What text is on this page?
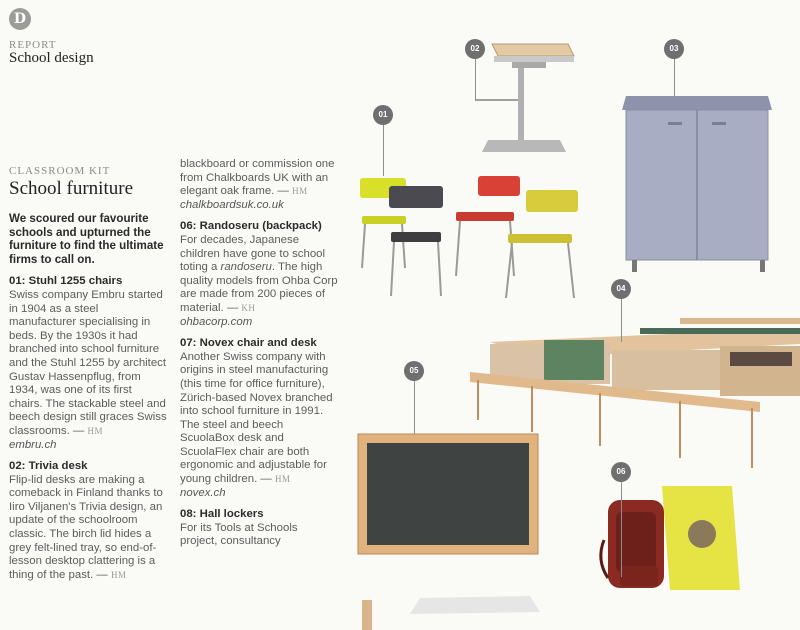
D
REPORT
School design
CLASSROOM KIT
School furniture

We scoured our favourite schools and upturned the furniture to find the ultimate firms to call on.

01: Stuhl 1255 chairs
Swiss company Embru started in 1904 as a steel manufacturer specialising in beds. By the 1930s it had branched into school furniture and the Stuhl 1255 by architect Gustav Hassenpflug, from 1934, was one of its first chairs. The stackable steel and beech design still graces Swiss classrooms. — HM
embru.ch

02: Trivia desk
Flip-lid desks are making a comeback in Finland thanks to Iiro Viljanen's Trivia design, an update of the schoolroom classic. The birch lid hides a grey felt-lined tray, so end-of-lesson desktop clattering is a thing of the past. — HM

blackboard or commission one from Chalkboards UK with an elegant oak frame. — HM
chalkboardsuk.co.uk

06: Randoseru (backpack)
For decades, Japanese children have gone to school toting a randoseru. The high quality models from Ohba Corp are made from 200 pieces of material. — KH
ohbacorp.com

07: Novex chair and desk
Another Swiss company with origins in steel manufacturing (this time for office furniture), Zürich-based Novex branched into school furniture in 1991. The steel and beech ScuolaBox desk and ScuolaFlex chair are both ergonomic and adjustable for young children. — HM
novex.ch

08: Hall lockers
For its Tools at Schools project, consultancy

01
02	03
04
05
06
